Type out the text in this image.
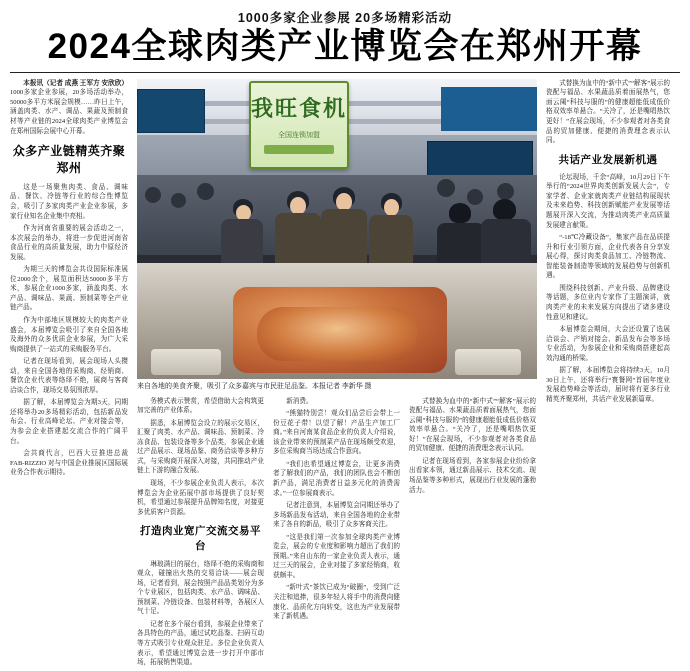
1000多家企业参展 20多场精彩活动
2024全球肉类产业博览会在郑州开幕

本报讯（记者 成燕 王军方 安欣欣） 1000多家企业参展，20多场活动举办，50000多平方米展会规模……昨日上午，涵盖肉类、水产、调品、果蔬及预制食材等产业链的2024全球肉类产业博览会在郑州国际会展中心开幕。

众多产业链精英齐聚郑州

这是一场聚焦肉类、食品、调味品、餐饮、冷链等行业的综合性博览会，吸引了多家肉类产业企业参展，多家行业知名企业集中亮相。

作为河南省重要的展会活动之一，本次展会的举办，将进一步促进河南省食品行业的高质量发展，助力中原经济发展。

为期三天的博览会共设国际标准展位2000余个，展览面积达50000多平方米，参展企业1000多家，涵盖肉类、水产品、调味品、果蔬、预制菜等全产业链产品。

作为中部地区规模较大的肉类产业盛会，本届博览会吸引了来自全国各地及海外的众多优质企业参展，为广大采购商提供了一站式的采购服务平台。

记者在现场看到，展会现场人头攒动，来自全国各地的采购商、经销商、餐饮企业代表等络绎不绝，展商与客商洽谈合作，现场交易氛围浓厚。

据了解，本届博览会为期3天，同期还将举办20多场精彩活动，包括新品发布会、行业高峰论坛、产业对接会等，为参会企业搭建起交流合作的广阔平台。

会共商代言，巴西大豆推进总裁 FAB-RIZZIO 对与中国企业推展区国际展业务合作表示期待。

我旺食机
全国连锁加盟
来自各地的美食齐聚，吸引了众多嘉宾与市民驻足品鉴。本报记者 李新华 摄

务模式表示赞赏，希望借助大会构筑更加完善的产业体系。

据悉，本届博览会设立的展示交易区，汇聚了肉类、水产品、调味品、预制菜、冷冻食品、包装设备等多个品类，参展企业通过产品展示、现场品鉴、商务洽谈等多种方式，与采购商开展深入对接，共同推动产业链上下游的融合发展。

现场，不少参展企业负责人表示，本次博览会为企业拓展中部市场提供了良好契机，希望通过参展提升品牌知名度，对接更多优质客户资源。

打造肉业宽广交流交易平台

琳琅满目的展台，络绎不绝的采购商和观众，碰撞出火热的交易洽谈——展会现场，记者看到，展会按照产品品类划分为多个专业展区，包括肉类、水产品、调味品、预制菜、冷链设备、包装材料等，各展区人气十足。

记者在多个展台看到，参展企业带来了各具特色的产品，通过试吃品鉴、扫码互动等方式吸引专业观众驻足。多位企业负责人表示，希望通过博览会进一步打开中部市场，拓展销售渠道。

新消费。

“熊猫特别尝！观众们品尝后会带上一份豆花子带！以望了解！产品生产加工厂商。”来自河南某食品企业的负责人介绍说，该企业带来的预制菜产品在现场颇受欢迎，多位采购商当场达成合作意向。

“我们也希望通过博览会，让更多消费者了解我们的产品，我们的团队也会不断创新产品，满足消费者日益多元化的消费需求。”一位参展商表示。

记者注意到，本届博览会同期还举办了多场新品发布活动，来自全国各地的企业带来了各自的新品，吸引了众多客商关注。

“这是我们第一次参加全球肉类产业博览会，展会的专业度和影响力超出了我们的预期。”来自山东的一家企业负责人表示，通过三天的展会，企业对接了多家经销商，收获颇丰。

“新叶式”茶饮已成为“破圈”，受到广泛关注和追捧，很多年轻人将手中的消费向健康化、品质化方向转变，这也为产业发展带来了新机遇。

式替换为血中的“新中式”“解客”展示的瓷配与福品、水果蔬品质着面展热气，您面云阑“科技与服的”的健康超能低成低价格双效率单悬合。“关冷了，还是嘴唱热饮更好！”在展会现场，不少参观者对各类食品的贸加健康、便捷的消费理念表示认同。

记者在现场看到，各家参展企业纷纷拿出看家本领，通过新品展示、技术交流、现场品鉴等多种形式，展现出行业发展的蓬勃活力。

式替换为血中的“新中式”“解客”展示的瓷配与福品、水果蔬品质着面展热气，您面云阑“科技与服的”的健康超能低成低价格双效率单悬合。“关冷了，还是嘴唱热饮更好！”在展会现场，不少参观者对各类食品的贸加健康、便捷的消费理念表示认同。

共话产业发展新机遇

论坛现场，千余“高峰，10月29日下午举行的“2024世界肉类创新发展大会”，专家学者、企业家就肉类产业链结构展现状及未来趋势、科技创新赋能产业发展等话题展开深入交流，为推动肉类产业高质量发展建言献策。

“-18℃冷藏设备”，集家产品在品质提升和行业引领方面，企业代表各自分享发展心得，探讨肉类食品加工、冷链物流、智能装备制造等领域的发展趋势与创新机遇。

围绕科技创新、产业升级、品牌建设等话题，多位业内专家作了主题演讲，就肉类产业的未来发展方向提出了诸多建设性意见和建议。

本届博览会期间，大会还设置了选展洽谈会、产销对接会、新品发布会等多场专业活动，为参展企业和采购商搭建起高效沟通的桥梁。

据了解，本届博览会将持续3天，10月30日上午，还将举行“寰餐网”首届年度业发展趋势峰会等活动，届时将有更多行业精英齐聚郑州，共话产业发展新篇章。
